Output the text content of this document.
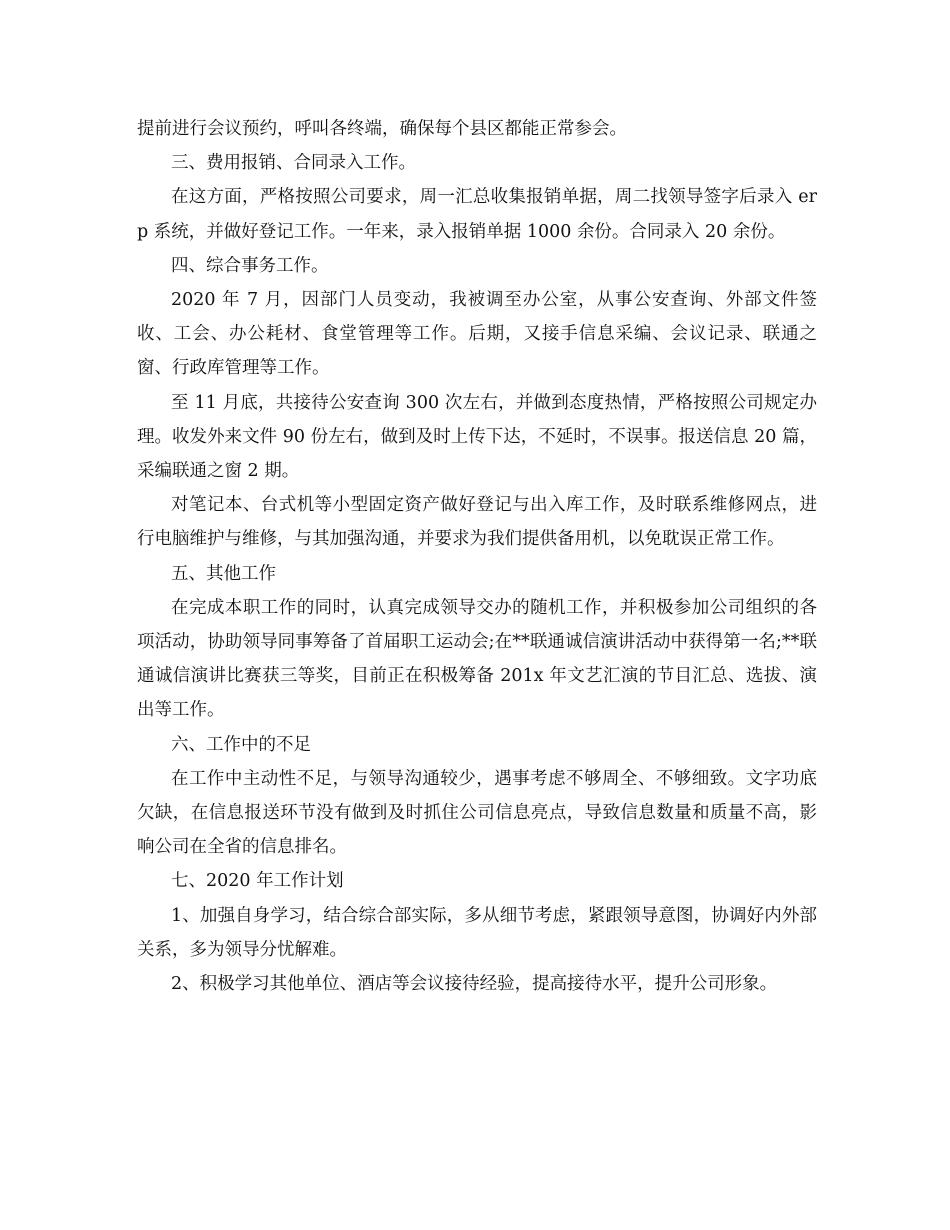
提前进行会议预约，呼叫各终端，确保每个县区都能正常参会。

三、费用报销、合同录入工作。

在这方面，严格按照公司要求，周一汇总收集报销单据，周二找领导签字后录入 erp 系统，并做好登记工作。一年来，录入报销单据 1000 余份。合同录入 20 余份。

四、综合事务工作。

2020 年 7 月，因部门人员变动，我被调至办公室，从事公安查询、外部文件签收、工会、办公耗材、食堂管理等工作。后期，又接手信息采编、会议记录、联通之窗、行政库管理等工作。

至 11 月底，共接待公安查询 300 次左右，并做到态度热情，严格按照公司规定办理。收发外来文件 90 份左右，做到及时上传下达，不延时，不误事。报送信息 20 篇，采编联通之窗 2 期。

对笔记本、台式机等小型固定资产做好登记与出入库工作，及时联系维修网点，进行电脑维护与维修，与其加强沟通，并要求为我们提供备用机，以免耽误正常工作。

五、其他工作

在完成本职工作的同时，认真完成领导交办的随机工作，并积极参加公司组织的各项活动，协助领导同事筹备了首届职工运动会;在**联通诚信演讲活动中获得第一名;**联通诚信演讲比赛获三等奖，目前正在积极筹备 201x 年文艺汇演的节目汇总、选拔、演出等工作。

六、工作中的不足

在工作中主动性不足，与领导沟通较少，遇事考虑不够周全、不够细致。文字功底欠缺，在信息报送环节没有做到及时抓住公司信息亮点，导致信息数量和质量不高，影响公司在全省的信息排名。

七、2020 年工作计划

1、加强自身学习，结合综合部实际，多从细节考虑，紧跟领导意图，协调好内外部关系，多为领导分忧解难。

2、积极学习其他单位、酒店等会议接待经验，提高接待水平，提升公司形象。
